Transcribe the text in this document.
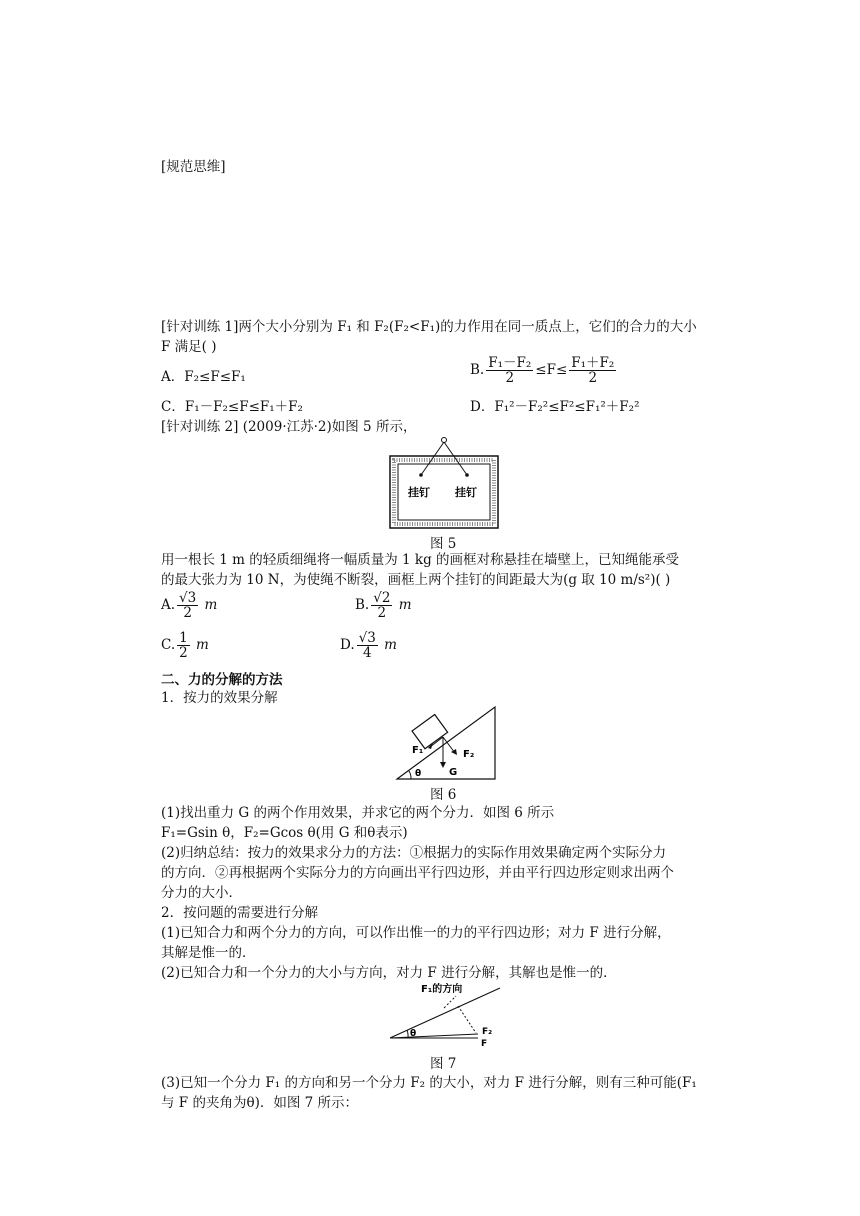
[规范思维]
[针对训练 1]两个大小分别为 F₁ 和 F₂(F₂<F₁)的力作用在同一质点上，它们的合力的大小
F 满足( )
A．F₂≤F≤F₁	B. $\frac{\text{F₁－F₂}}{2} \le F\le \frac{\text{F₁＋F₂}}{2}$
C．F₁－F₂≤F≤F₁＋F₂	D．F₁²－F₂²≤F²≤F₁²＋F₂²
[针对训练 2] (2009·江苏·2)如图 5 所示，
挂钉 挂钉
图 5
用一根长 1 m 的轻质细绳将一幅质量为 1 kg 的画框对称悬挂在墙壁上，已知绳能承受
的最大张力为 10 N，为使绳不断裂，画框上两个挂钉的间距最大为(g 取 10 m/s²)( )
A. $\frac{√3}{2}$ m	B. $\frac{√2}{2}$ m
C. $\frac{1}{2}$ m	D. $\frac{√3}{4}$ m
二、力的分解的方法
1．按力的效果分解
F₁	F₂
G
θ
图 6
(1)找出重力 G 的两个作用效果，并求它的两个分力．如图 6 所示
F₁=Gsin θ，F₂=Gcos θ(用 G 和θ表示)
(2)归纳总结：按力的效果求分力的方法：①根据力的实际作用效果确定两个实际分力
的方向．②再根据两个实际分力的方向画出平行四边形，并由平行四边形定则求出两个
分力的大小．
2．按问题的需要进行分解
(1)已知合力和两个分力的方向，可以作出惟一的力的平行四边形；对力 F 进行分解，
其解是惟一的．
(2)已知合力和一个分力的大小与方向，对力 F 进行分解，其解也是惟一的．
F₁的方向
F₂
F
θ
图 7
(3)已知一个分力 F₁ 的方向和另一个分力 F₂ 的大小，对力 F 进行分解，则有三种可能(F₁
与 F 的夹角为θ)．如图 7 所示：
